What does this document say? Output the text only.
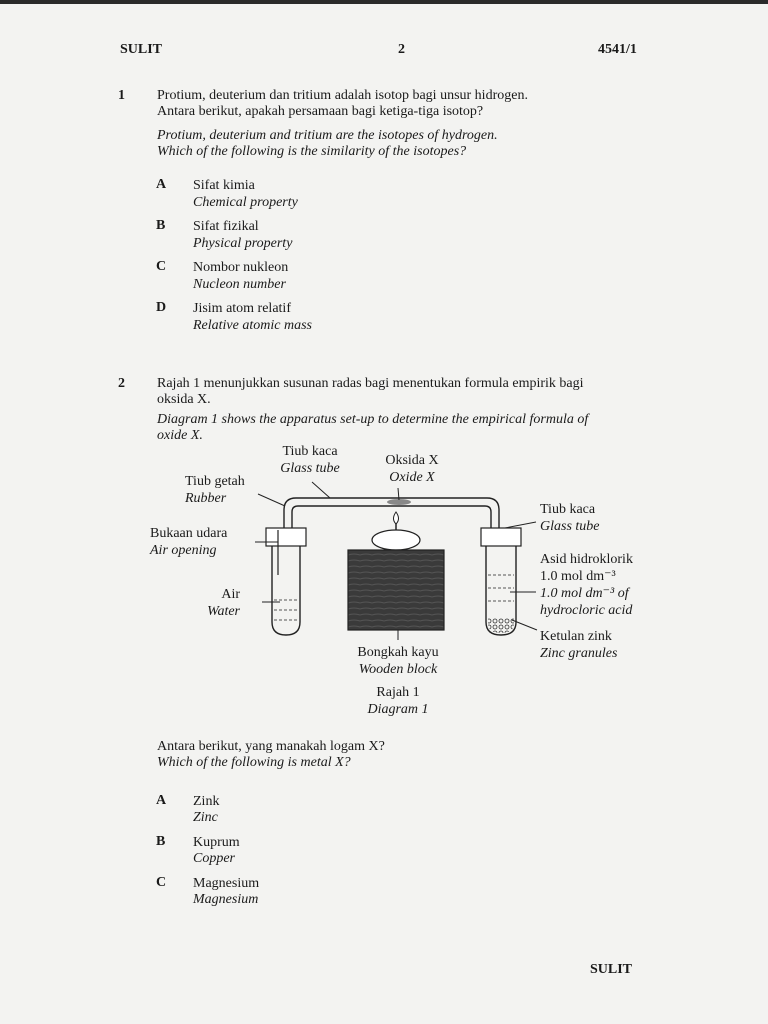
SULIT	2	4541/1
1 Protium, deuterium dan tritium adalah isotop bagi unsur hidrogen.
Antara berikut, apakah persamaan bagi ketiga-tiga isotop?
Protium, deuterium and tritium are the isotopes of hydrogen.
Which of the following is the similarity of the isotopes?
A Sifat kimia
Chemical property
B Sifat fizikal
Physical property
C Nombor nukleon
Nucleon number
D Jisim atom relatif
Relative atomic mass
2 Rajah 1 menunjukkan susunan radas bagi menentukan formula empirik bagi
oksida X.
Diagram 1 shows the apparatus set-up to determine the empirical formula of
oxide X.
Tiub kaca
Glass tube
Oksida X
Oxide X
Tiub getah
Rubber
Bukaan udara
Air opening
Air
Water
Tiub kaca
Glass tube
Asid hidroklorik
1.0 mol dm⁻³
1.0 mol dm⁻³ of
hydrocloric acid
Ketulan zink
Zinc granules
Bongkah kayu
Wooden block
Rajah 1
Diagram 1
Antara berikut, yang manakah logam X?
Which of the following is metal X?
A Zink
Zinc
B Kuprum
Copper
C Magnesium
Magnesium
SULIT
